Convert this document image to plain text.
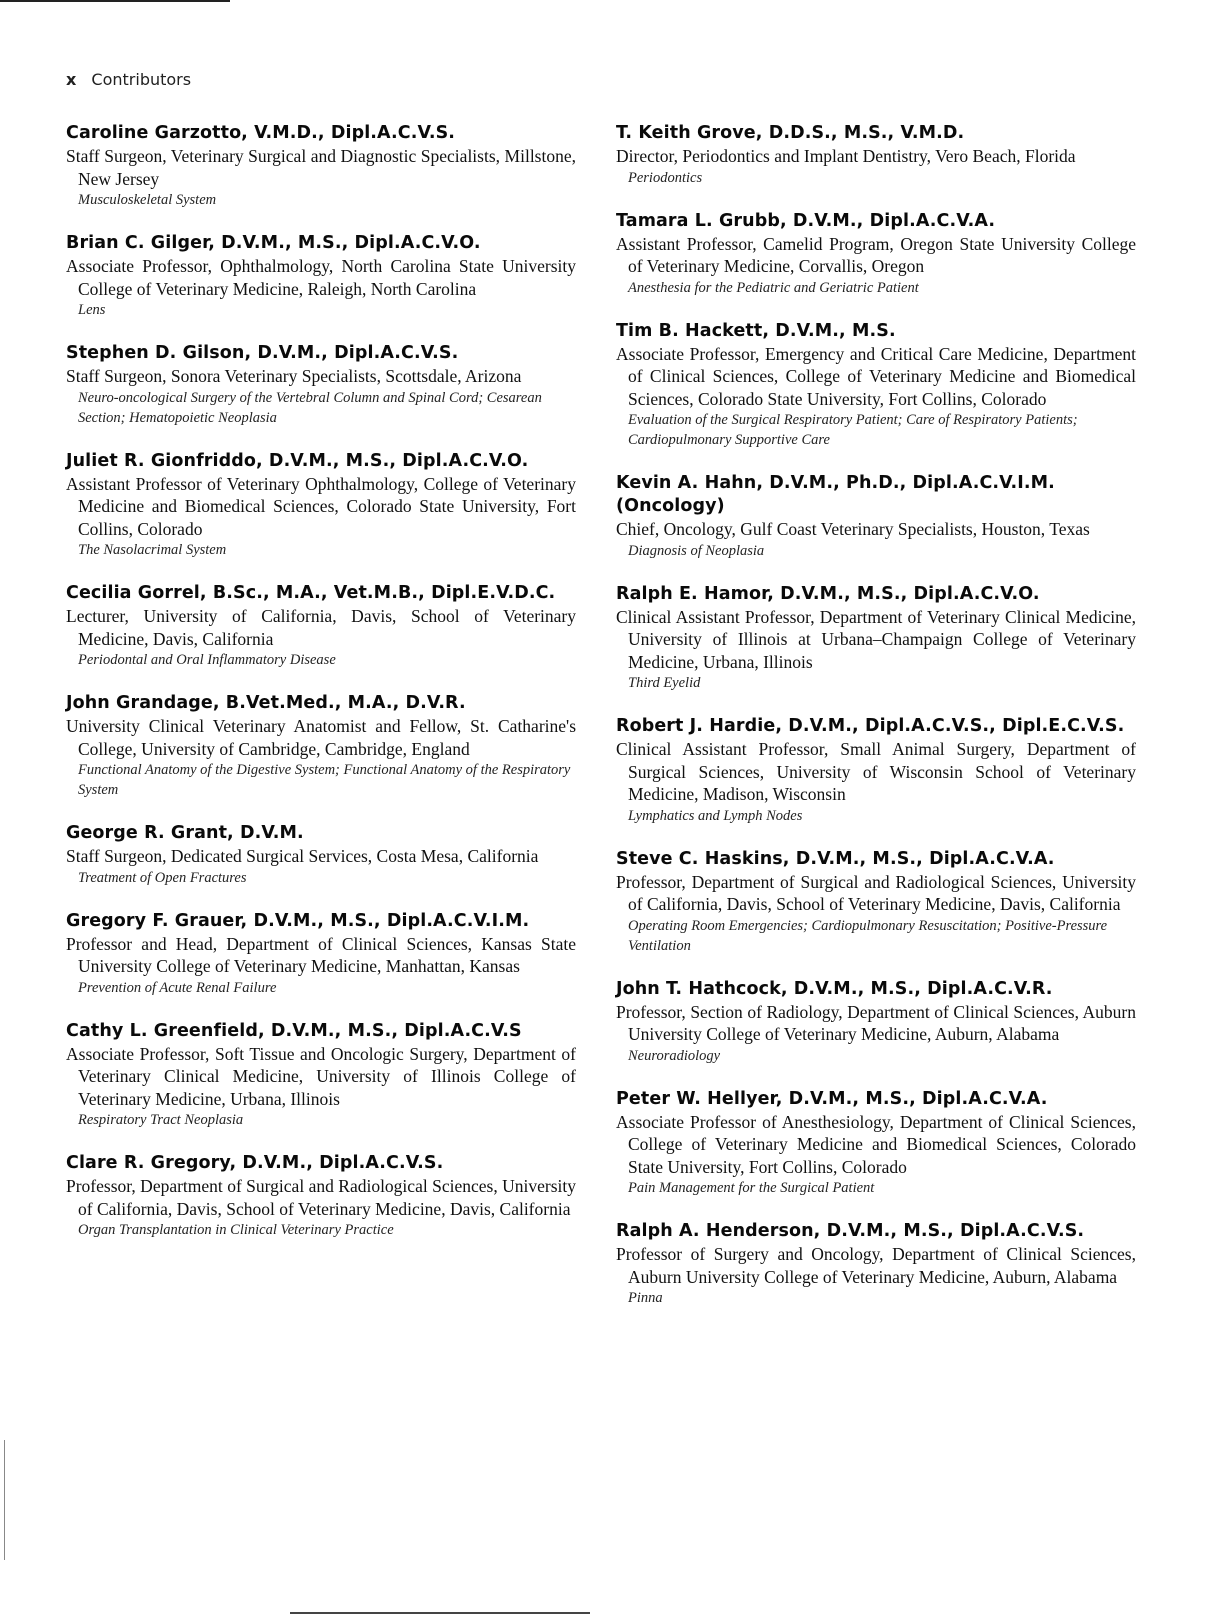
x Contributors
Caroline Garzotto, V.M.D., Dipl.A.C.V.S.
Staff Surgeon, Veterinary Surgical and Diagnostic Specialists, Millstone, New Jersey
Musculoskeletal System
Brian C. Gilger, D.V.M., M.S., Dipl.A.C.V.O.
Associate Professor, Ophthalmology, North Carolina State University College of Veterinary Medicine, Raleigh, North Carolina
Lens
Stephen D. Gilson, D.V.M., Dipl.A.C.V.S.
Staff Surgeon, Sonora Veterinary Specialists, Scottsdale, Arizona
Neuro-oncological Surgery of the Vertebral Column and Spinal Cord; Cesarean Section; Hematopoietic Neoplasia
Juliet R. Gionfriddo, D.V.M., M.S., Dipl.A.C.V.O.
Assistant Professor of Veterinary Ophthalmology, College of Veterinary Medicine and Biomedical Sciences, Colorado State University, Fort Collins, Colorado
The Nasolacrimal System
Cecilia Gorrel, B.Sc., M.A., Vet.M.B., Dipl.E.V.D.C.
Lecturer, University of California, Davis, School of Veterinary Medicine, Davis, California
Periodontal and Oral Inflammatory Disease
John Grandage, B.Vet.Med., M.A., D.V.R.
University Clinical Veterinary Anatomist and Fellow, St. Catharine's College, University of Cambridge, Cambridge, England
Functional Anatomy of the Digestive System; Functional Anatomy of the Respiratory System
George R. Grant, D.V.M.
Staff Surgeon, Dedicated Surgical Services, Costa Mesa, California
Treatment of Open Fractures
Gregory F. Grauer, D.V.M., M.S., Dipl.A.C.V.I.M.
Professor and Head, Department of Clinical Sciences, Kansas State University College of Veterinary Medicine, Manhattan, Kansas
Prevention of Acute Renal Failure
Cathy L. Greenfield, D.V.M., M.S., Dipl.A.C.V.S
Associate Professor, Soft Tissue and Oncologic Surgery, Department of Veterinary Clinical Medicine, University of Illinois College of Veterinary Medicine, Urbana, Illinois
Respiratory Tract Neoplasia
Clare R. Gregory, D.V.M., Dipl.A.C.V.S.
Professor, Department of Surgical and Radiological Sciences, University of California, Davis, School of Veterinary Medicine, Davis, California
Organ Transplantation in Clinical Veterinary Practice
T. Keith Grove, D.D.S., M.S., V.M.D.
Director, Periodontics and Implant Dentistry, Vero Beach, Florida
Periodontics
Tamara L. Grubb, D.V.M., Dipl.A.C.V.A.
Assistant Professor, Camelid Program, Oregon State University College of Veterinary Medicine, Corvallis, Oregon
Anesthesia for the Pediatric and Geriatric Patient
Tim B. Hackett, D.V.M., M.S.
Associate Professor, Emergency and Critical Care Medicine, Department of Clinical Sciences, College of Veterinary Medicine and Biomedical Sciences, Colorado State University, Fort Collins, Colorado
Evaluation of the Surgical Respiratory Patient; Care of Respiratory Patients; Cardiopulmonary Supportive Care
Kevin A. Hahn, D.V.M., Ph.D., Dipl.A.C.V.I.M.(Oncology)
Chief, Oncology, Gulf Coast Veterinary Specialists, Houston, Texas
Diagnosis of Neoplasia
Ralph E. Hamor, D.V.M., M.S., Dipl.A.C.V.O.
Clinical Assistant Professor, Department of Veterinary Clinical Medicine, University of Illinois at Urbana–Champaign College of Veterinary Medicine, Urbana, Illinois
Third Eyelid
Robert J. Hardie, D.V.M., Dipl.A.C.V.S., Dipl.E.C.V.S.
Clinical Assistant Professor, Small Animal Surgery, Department of Surgical Sciences, University of Wisconsin School of Veterinary Medicine, Madison, Wisconsin
Lymphatics and Lymph Nodes
Steve C. Haskins, D.V.M., M.S., Dipl.A.C.V.A.
Professor, Department of Surgical and Radiological Sciences, University of California, Davis, School of Veterinary Medicine, Davis, California
Operating Room Emergencies; Cardiopulmonary Resuscitation; Positive-Pressure Ventilation
John T. Hathcock, D.V.M., M.S., Dipl.A.C.V.R.
Professor, Section of Radiology, Department of Clinical Sciences, Auburn University College of Veterinary Medicine, Auburn, Alabama
Neuroradiology
Peter W. Hellyer, D.V.M., M.S., Dipl.A.C.V.A.
Associate Professor of Anesthesiology, Department of Clinical Sciences, College of Veterinary Medicine and Biomedical Sciences, Colorado State University, Fort Collins, Colorado
Pain Management for the Surgical Patient
Ralph A. Henderson, D.V.M., M.S., Dipl.A.C.V.S.
Professor of Surgery and Oncology, Department of Clinical Sciences, Auburn University College of Veterinary Medicine, Auburn, Alabama
Pinna
